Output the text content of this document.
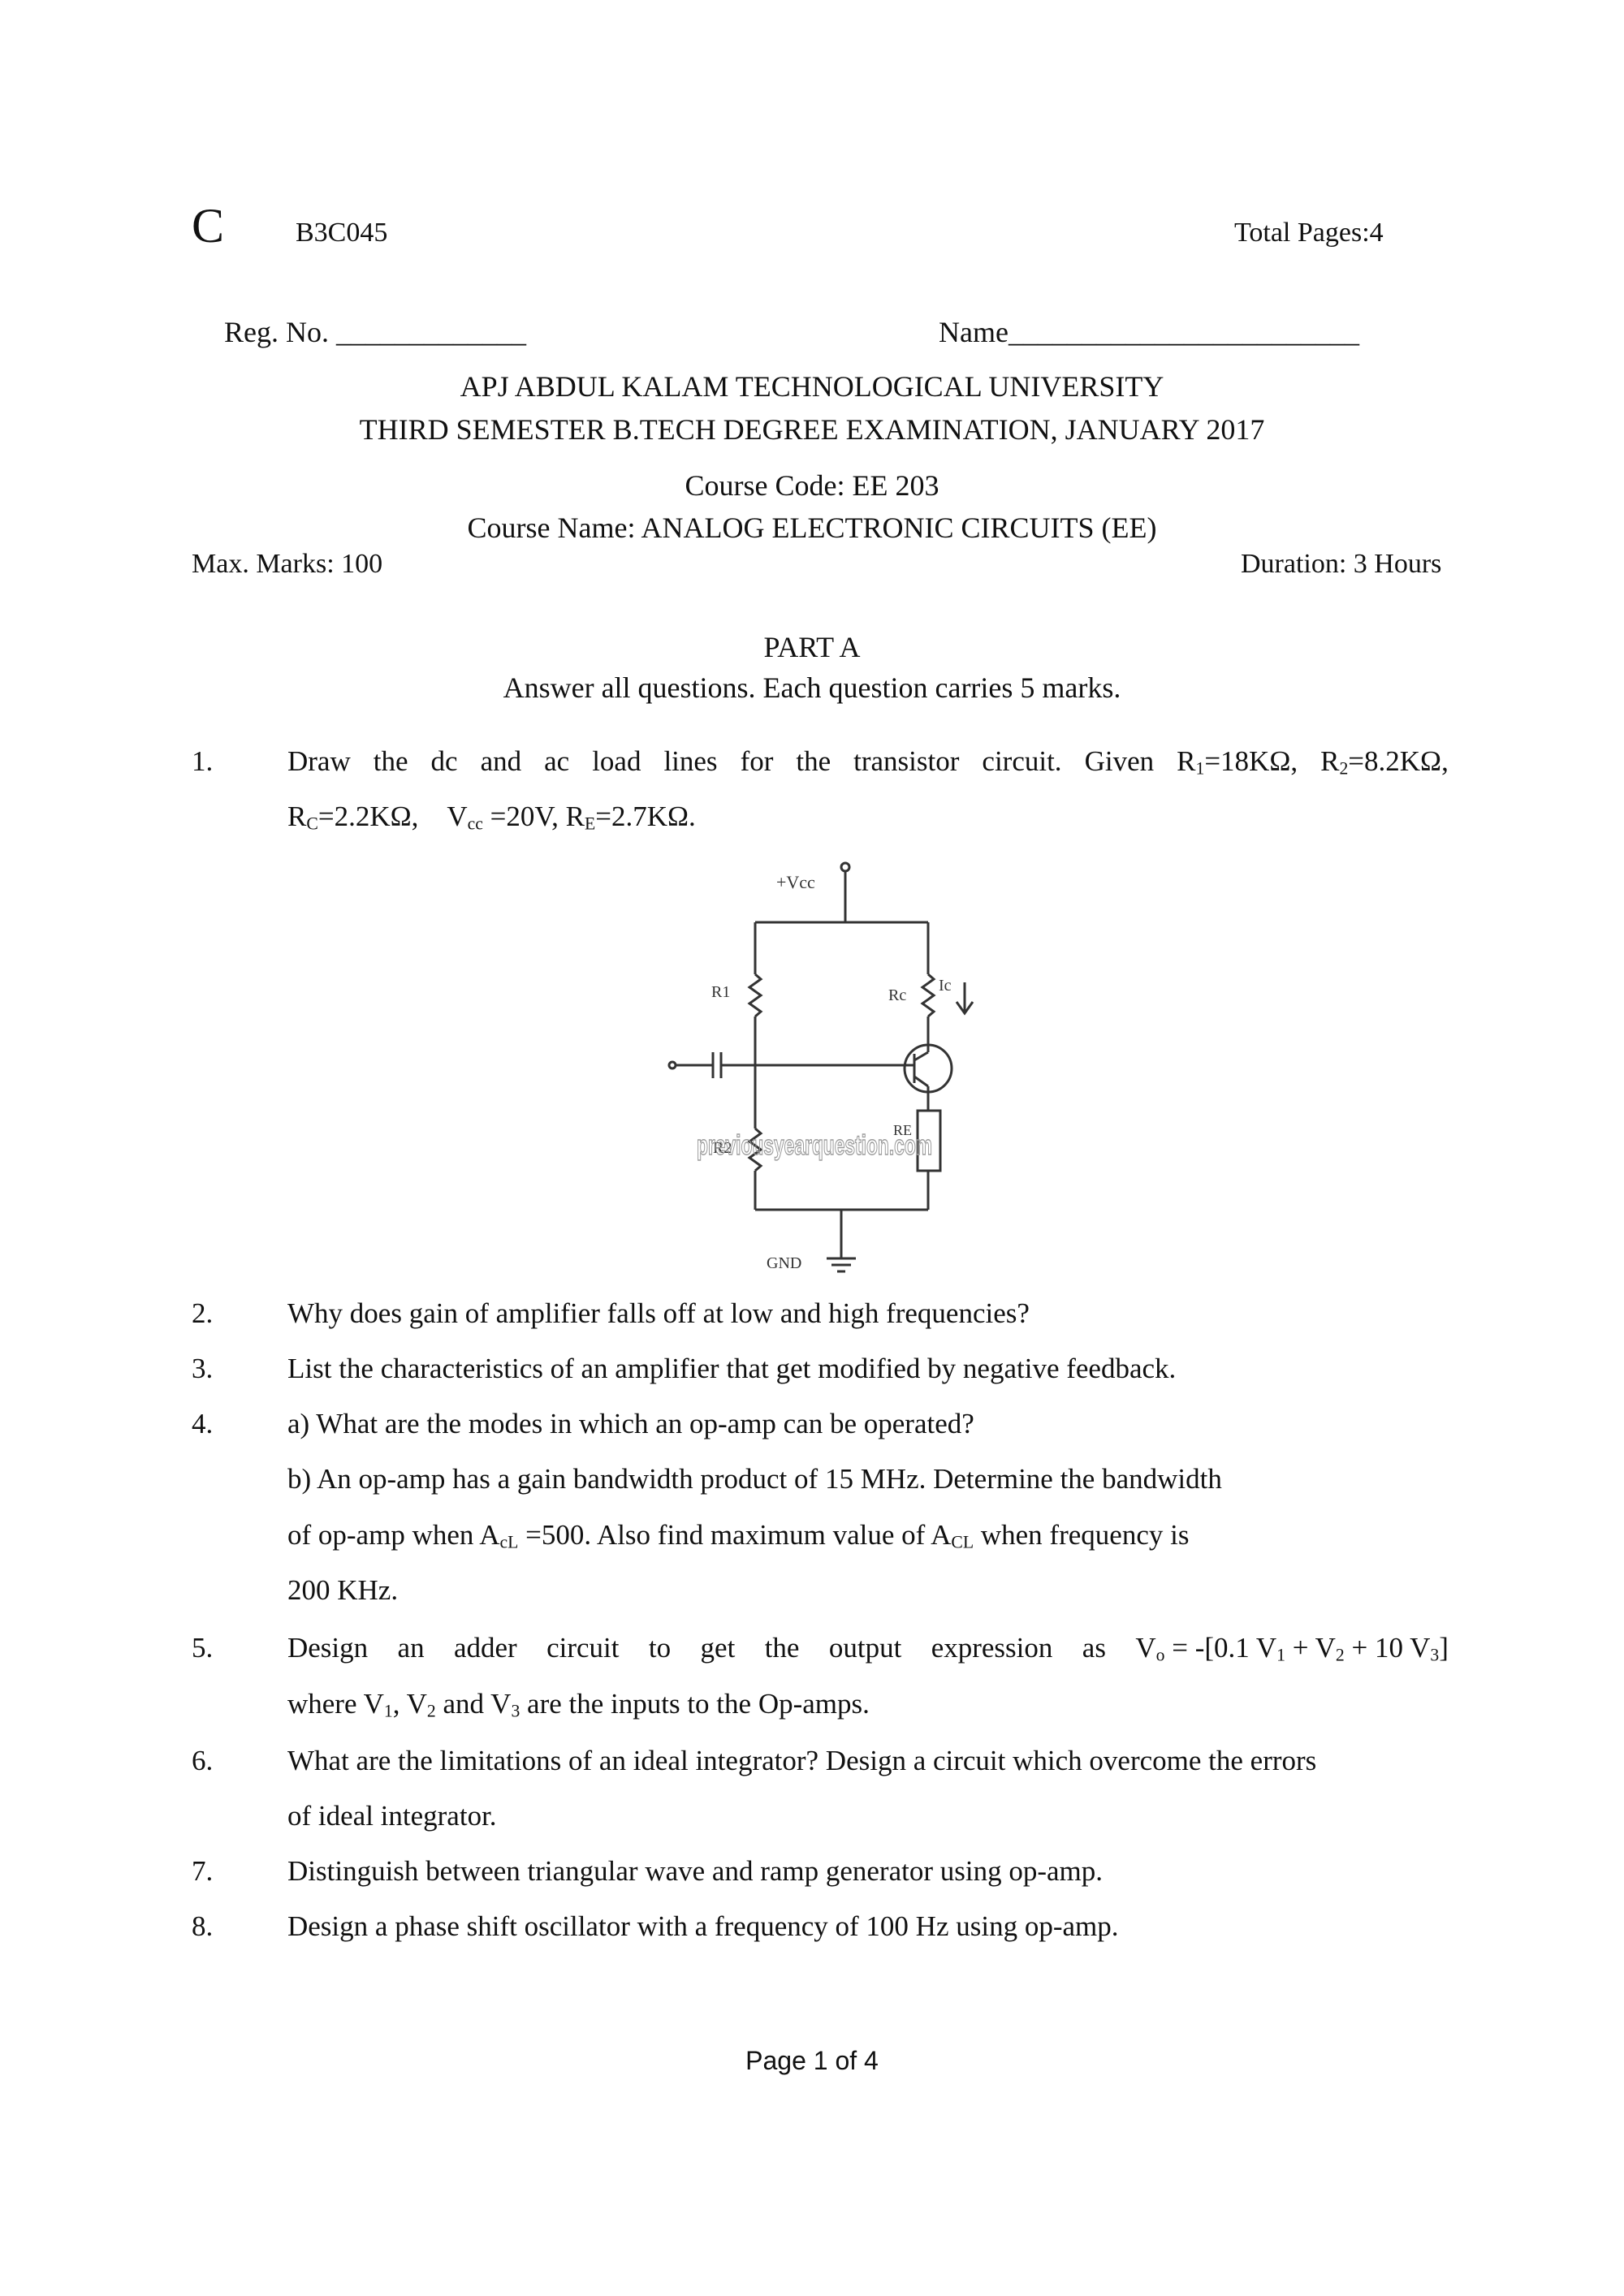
C	B3C045	Total Pages:4
Reg. No. _____________	Name________________________
APJ ABDUL KALAM TECHNOLOGICAL UNIVERSITY
THIRD SEMESTER B.TECH DEGREE EXAMINATION, JANUARY 2017
Course Code: EE 203
Course Name: ANALOG ELECTRONIC CIRCUITS (EE)
Max. Marks: 100	Duration: 3 Hours
PART A
Answer all questions. Each question carries 5 marks.
1.	Draw the dc and ac load lines for the transistor circuit. Given $R_1=18K\Omega$, $R_2=8.2K\Omega$,
$R_C=2.2K\Omega$, $V_{cc} =20V$, $R_E=2.7K\Omega$.
+Vcc
R1	Rc
Ic
R2
RE
GND
previousyearquestion.com
2.	Why does gain of amplifier falls off at low and high frequencies?
3.	List the characteristics of an amplifier that get modified by negative feedback.
4.	a) What are the modes in which an op-amp can be operated?
b) An op-amp has a gain bandwidth product of 15 MHz. Determine the bandwidth
of op-amp when $A_{cL} =500$. Also find maximum value of $A_{CL}$ when frequency is
200 KHz.
5.	Design an adder circuit to get the output expression as $V_o = -[0.1$ $V_1 + V_2 + 10$ $V_3$]
where $V_1$, $V_2$ and $V_3$ are the inputs to the Op-amps.
6.	What are the limitations of an ideal integrator? Design a circuit which overcome the errors
of ideal integrator.
7.	Distinguish between triangular wave and ramp generator using op-amp.
8.	Design a phase shift oscillator with a frequency of 100 Hz using op-amp.
Page 1 of 4
